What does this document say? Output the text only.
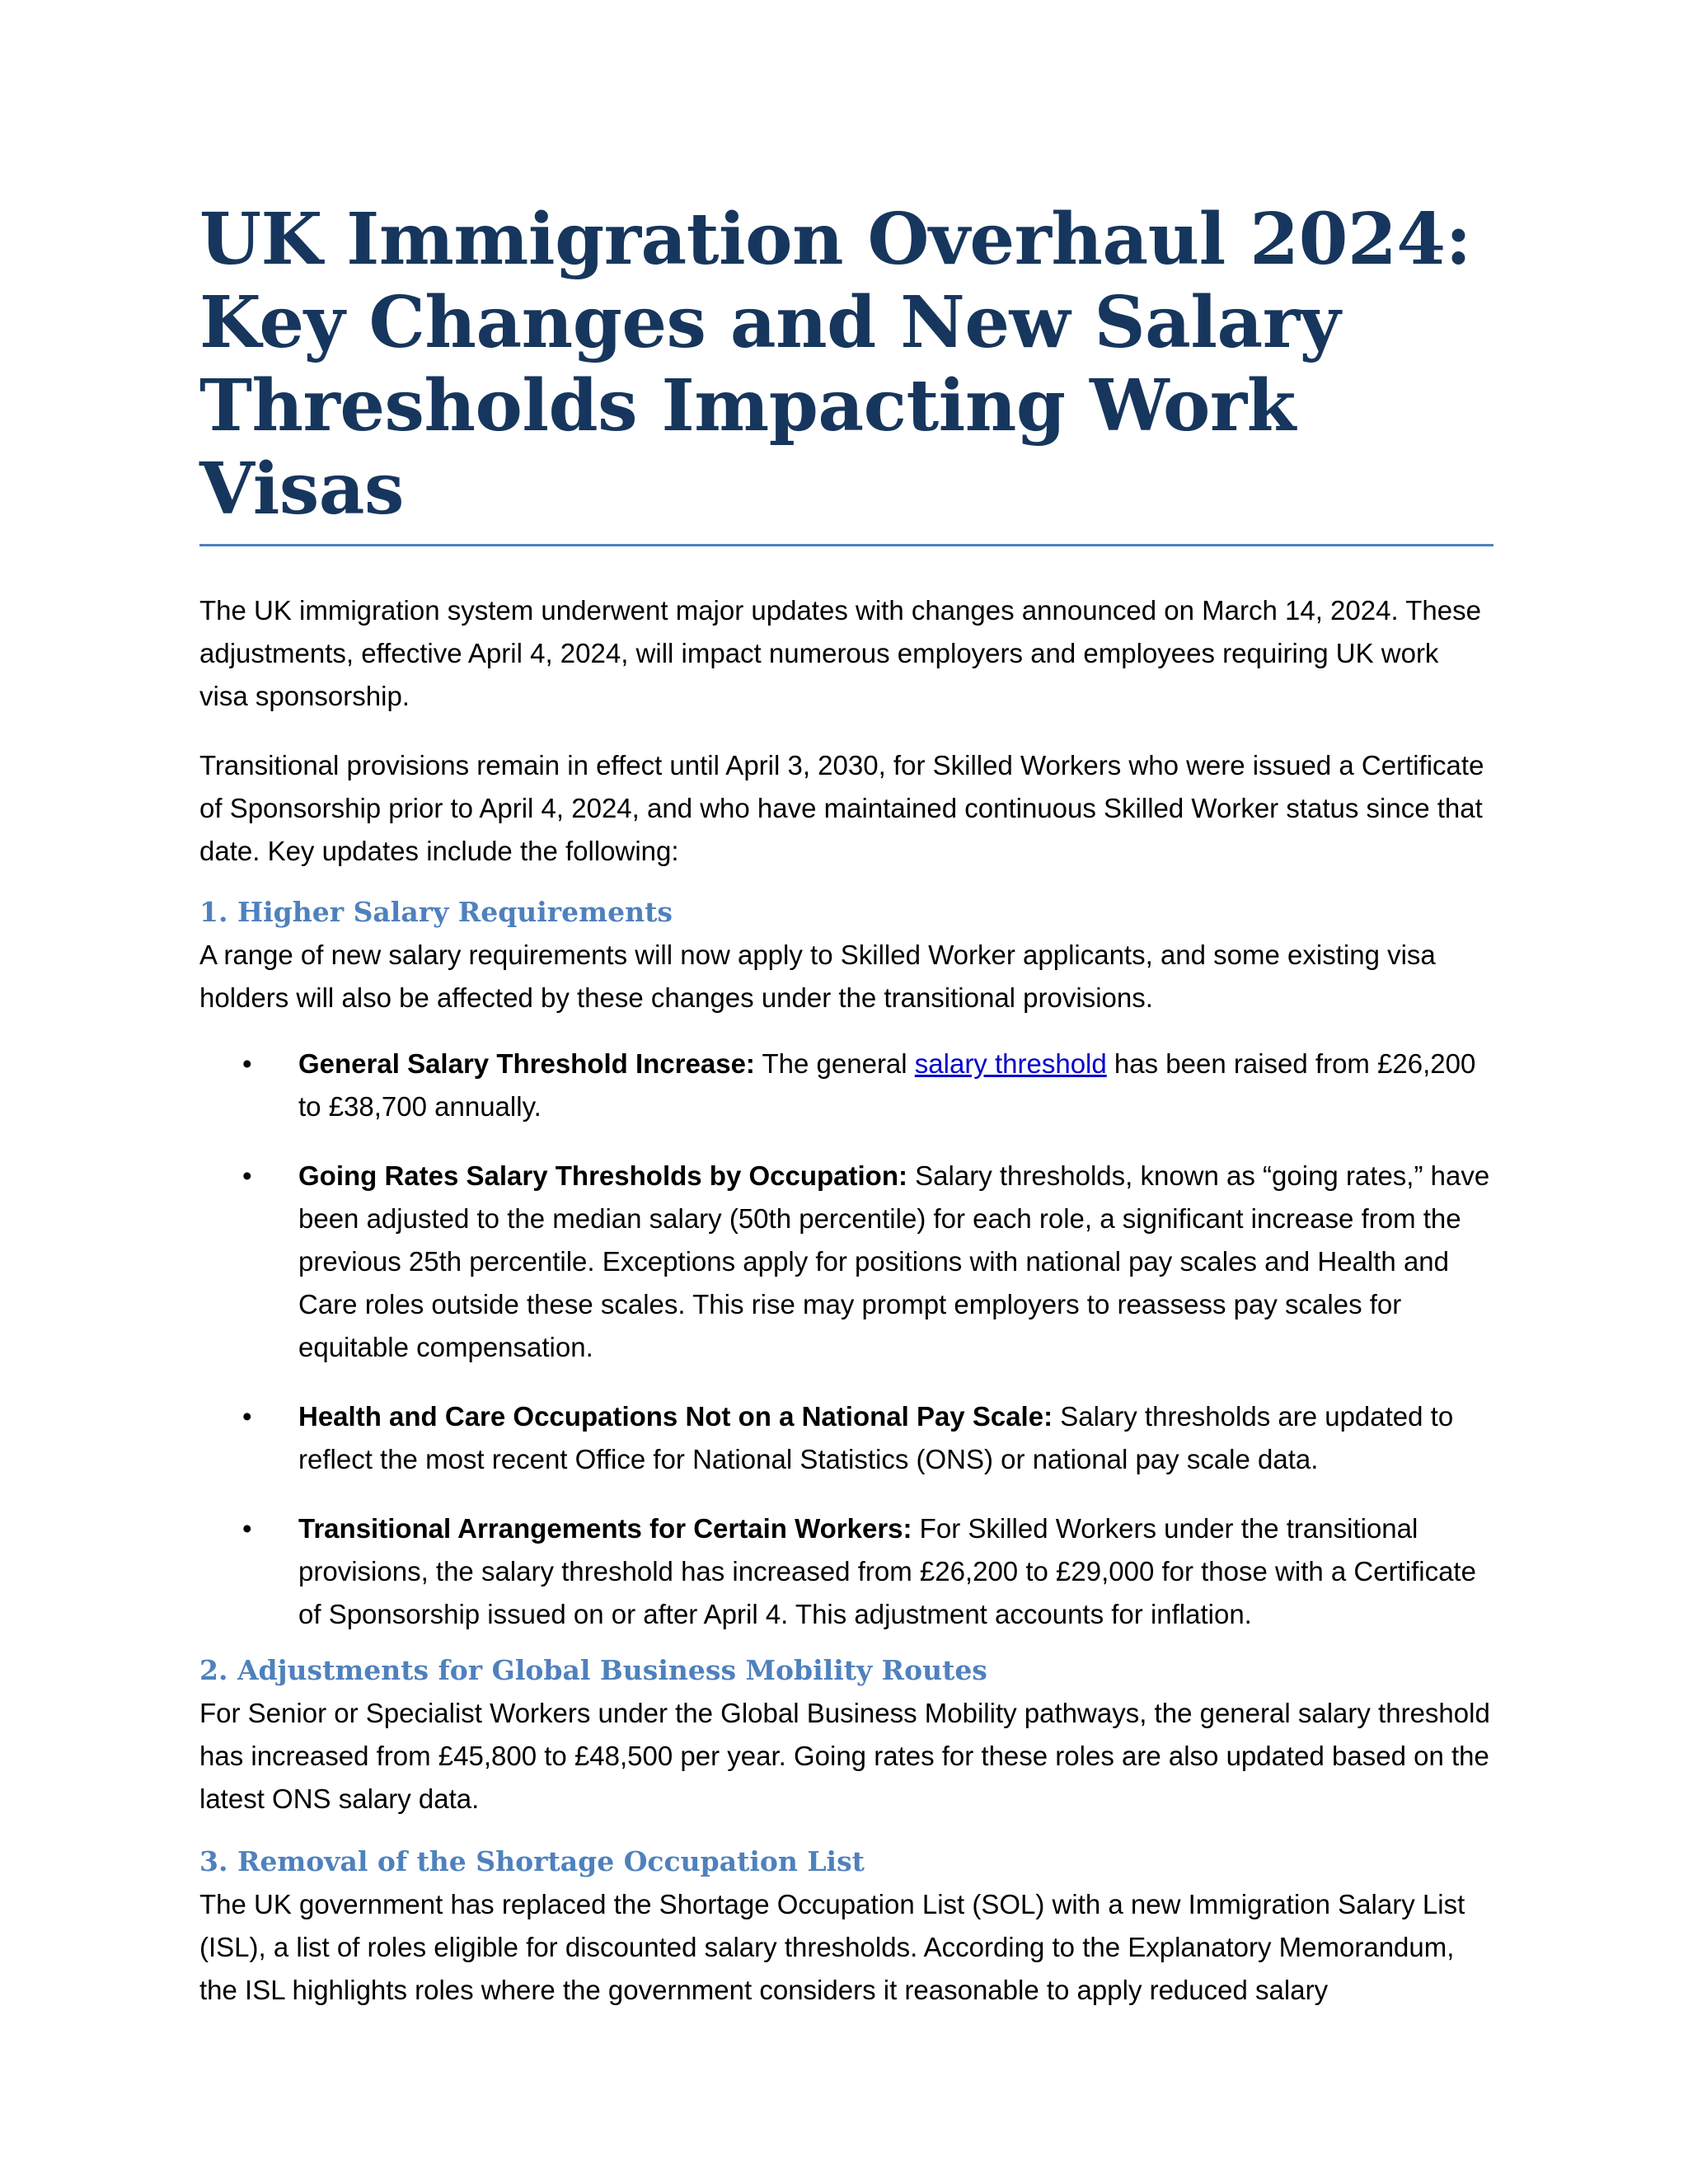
UK Immigration Overhaul 2024: Key Changes and New Salary Thresholds Impacting Work Visas

The UK immigration system underwent major updates with changes announced on March 14, 2024. These adjustments, effective April 4, 2024, will impact numerous employers and employees requiring UK work visa sponsorship.

Transitional provisions remain in effect until April 3, 2030, for Skilled Workers who were issued a Certificate of Sponsorship prior to April 4, 2024, and who have maintained continuous Skilled Worker status since that date. Key updates include the following:

1. Higher Salary Requirements

A range of new salary requirements will now apply to Skilled Worker applicants, and some existing visa holders will also be affected by these changes under the transitional provisions.

• General Salary Threshold Increase: The general salary threshold has been raised from £26,200 to £38,700 annually.
• Going Rates Salary Thresholds by Occupation: Salary thresholds, known as “going rates,” have been adjusted to the median salary (50th percentile) for each role, a significant increase from the previous 25th percentile. Exceptions apply for positions with national pay scales and Health and Care roles outside these scales. This rise may prompt employers to reassess pay scales for equitable compensation.
• Health and Care Occupations Not on a National Pay Scale: Salary thresholds are updated to reflect the most recent Office for National Statistics (ONS) or national pay scale data.
• Transitional Arrangements for Certain Workers: For Skilled Workers under the transitional provisions, the salary threshold has increased from £26,200 to £29,000 for those with a Certificate of Sponsorship issued on or after April 4. This adjustment accounts for inflation.
2. Adjustments for Global Business Mobility Routes

For Senior or Specialist Workers under the Global Business Mobility pathways, the general salary threshold has increased from £45,800 to £48,500 per year. Going rates for these roles are also updated based on the latest ONS salary data.

3. Removal of the Shortage Occupation List

The UK government has replaced the Shortage Occupation List (SOL) with a new Immigration Salary List (ISL), a list of roles eligible for discounted salary thresholds. According to the Explanatory Memorandum, the ISL highlights roles where the government considers it reasonable to apply reduced salary
